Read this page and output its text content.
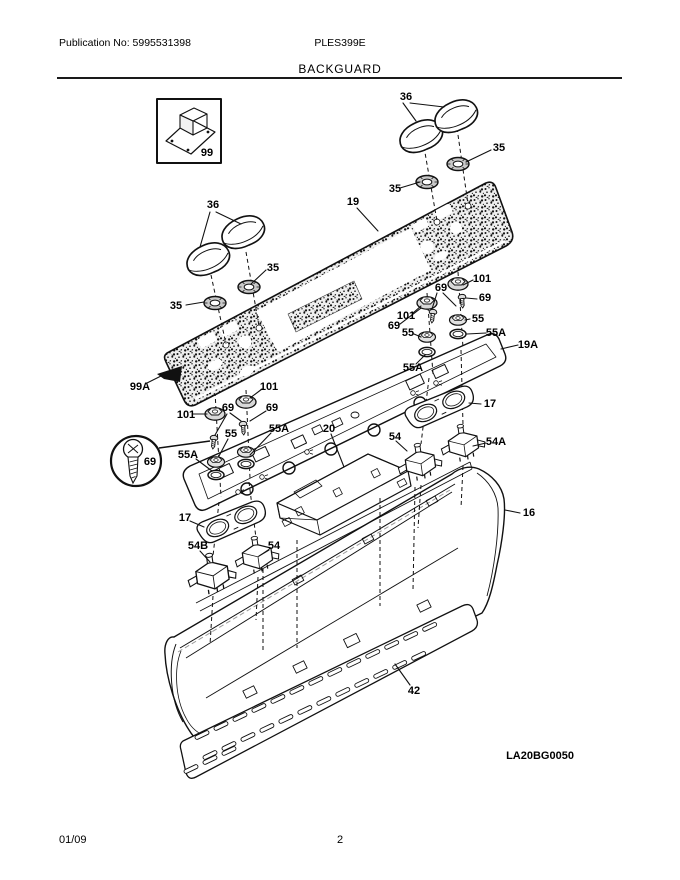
Publication No: 5995531398	PLES399E
BACKGUARD
99
36
35
35
36
35
35
19
101
69
69
101	55
69
55	55A
19A
55A
99A	101
17
69	69
101
20
55A
55	54	54A
55A
69
16
17
54B	54
42
LA20BG0050
01/09	2
